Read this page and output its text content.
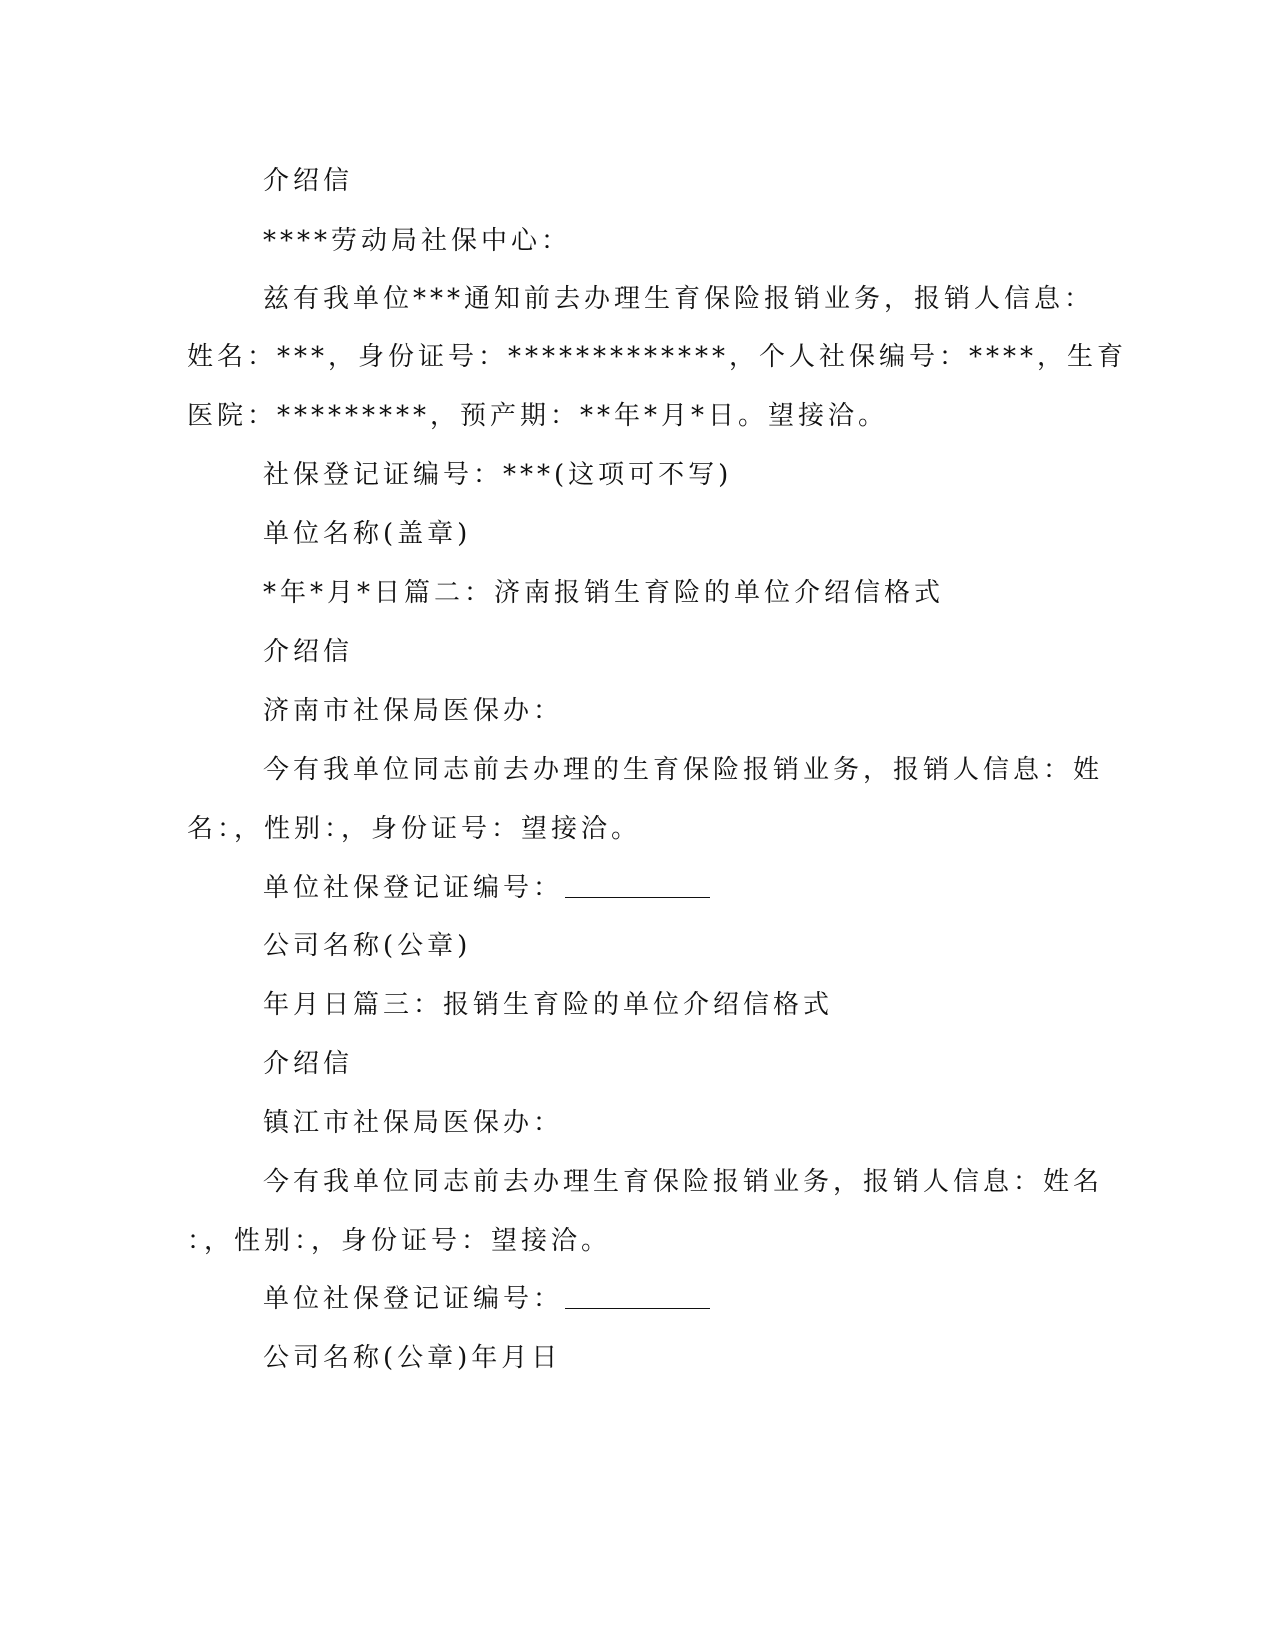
介绍信
****劳动局社保中心：
兹有我单位***通知前去办理生育保险报销业务，报销人信息：
姓名：***，身份证号：*************，个人社保编号：****，生育
医院：*********，预产期：**年*月*日。望接洽。
社保登记证编号：***(这项可不写)
单位名称(盖章)
*年*月*日篇二：济南报销生育险的单位介绍信格式
介绍信
济南市社保局医保办：
今有我单位同志前去办理的生育保险报销业务，报销人信息：姓
名：，性别：，身份证号：望接洽。
单位社保登记证编号：
公司名称(公章)
年月日篇三：报销生育险的单位介绍信格式
介绍信
镇江市社保局医保办：
今有我单位同志前去办理生育保险报销业务，报销人信息：姓名
：，性别：，身份证号：望接洽。
单位社保登记证编号：
公司名称(公章)年月日
